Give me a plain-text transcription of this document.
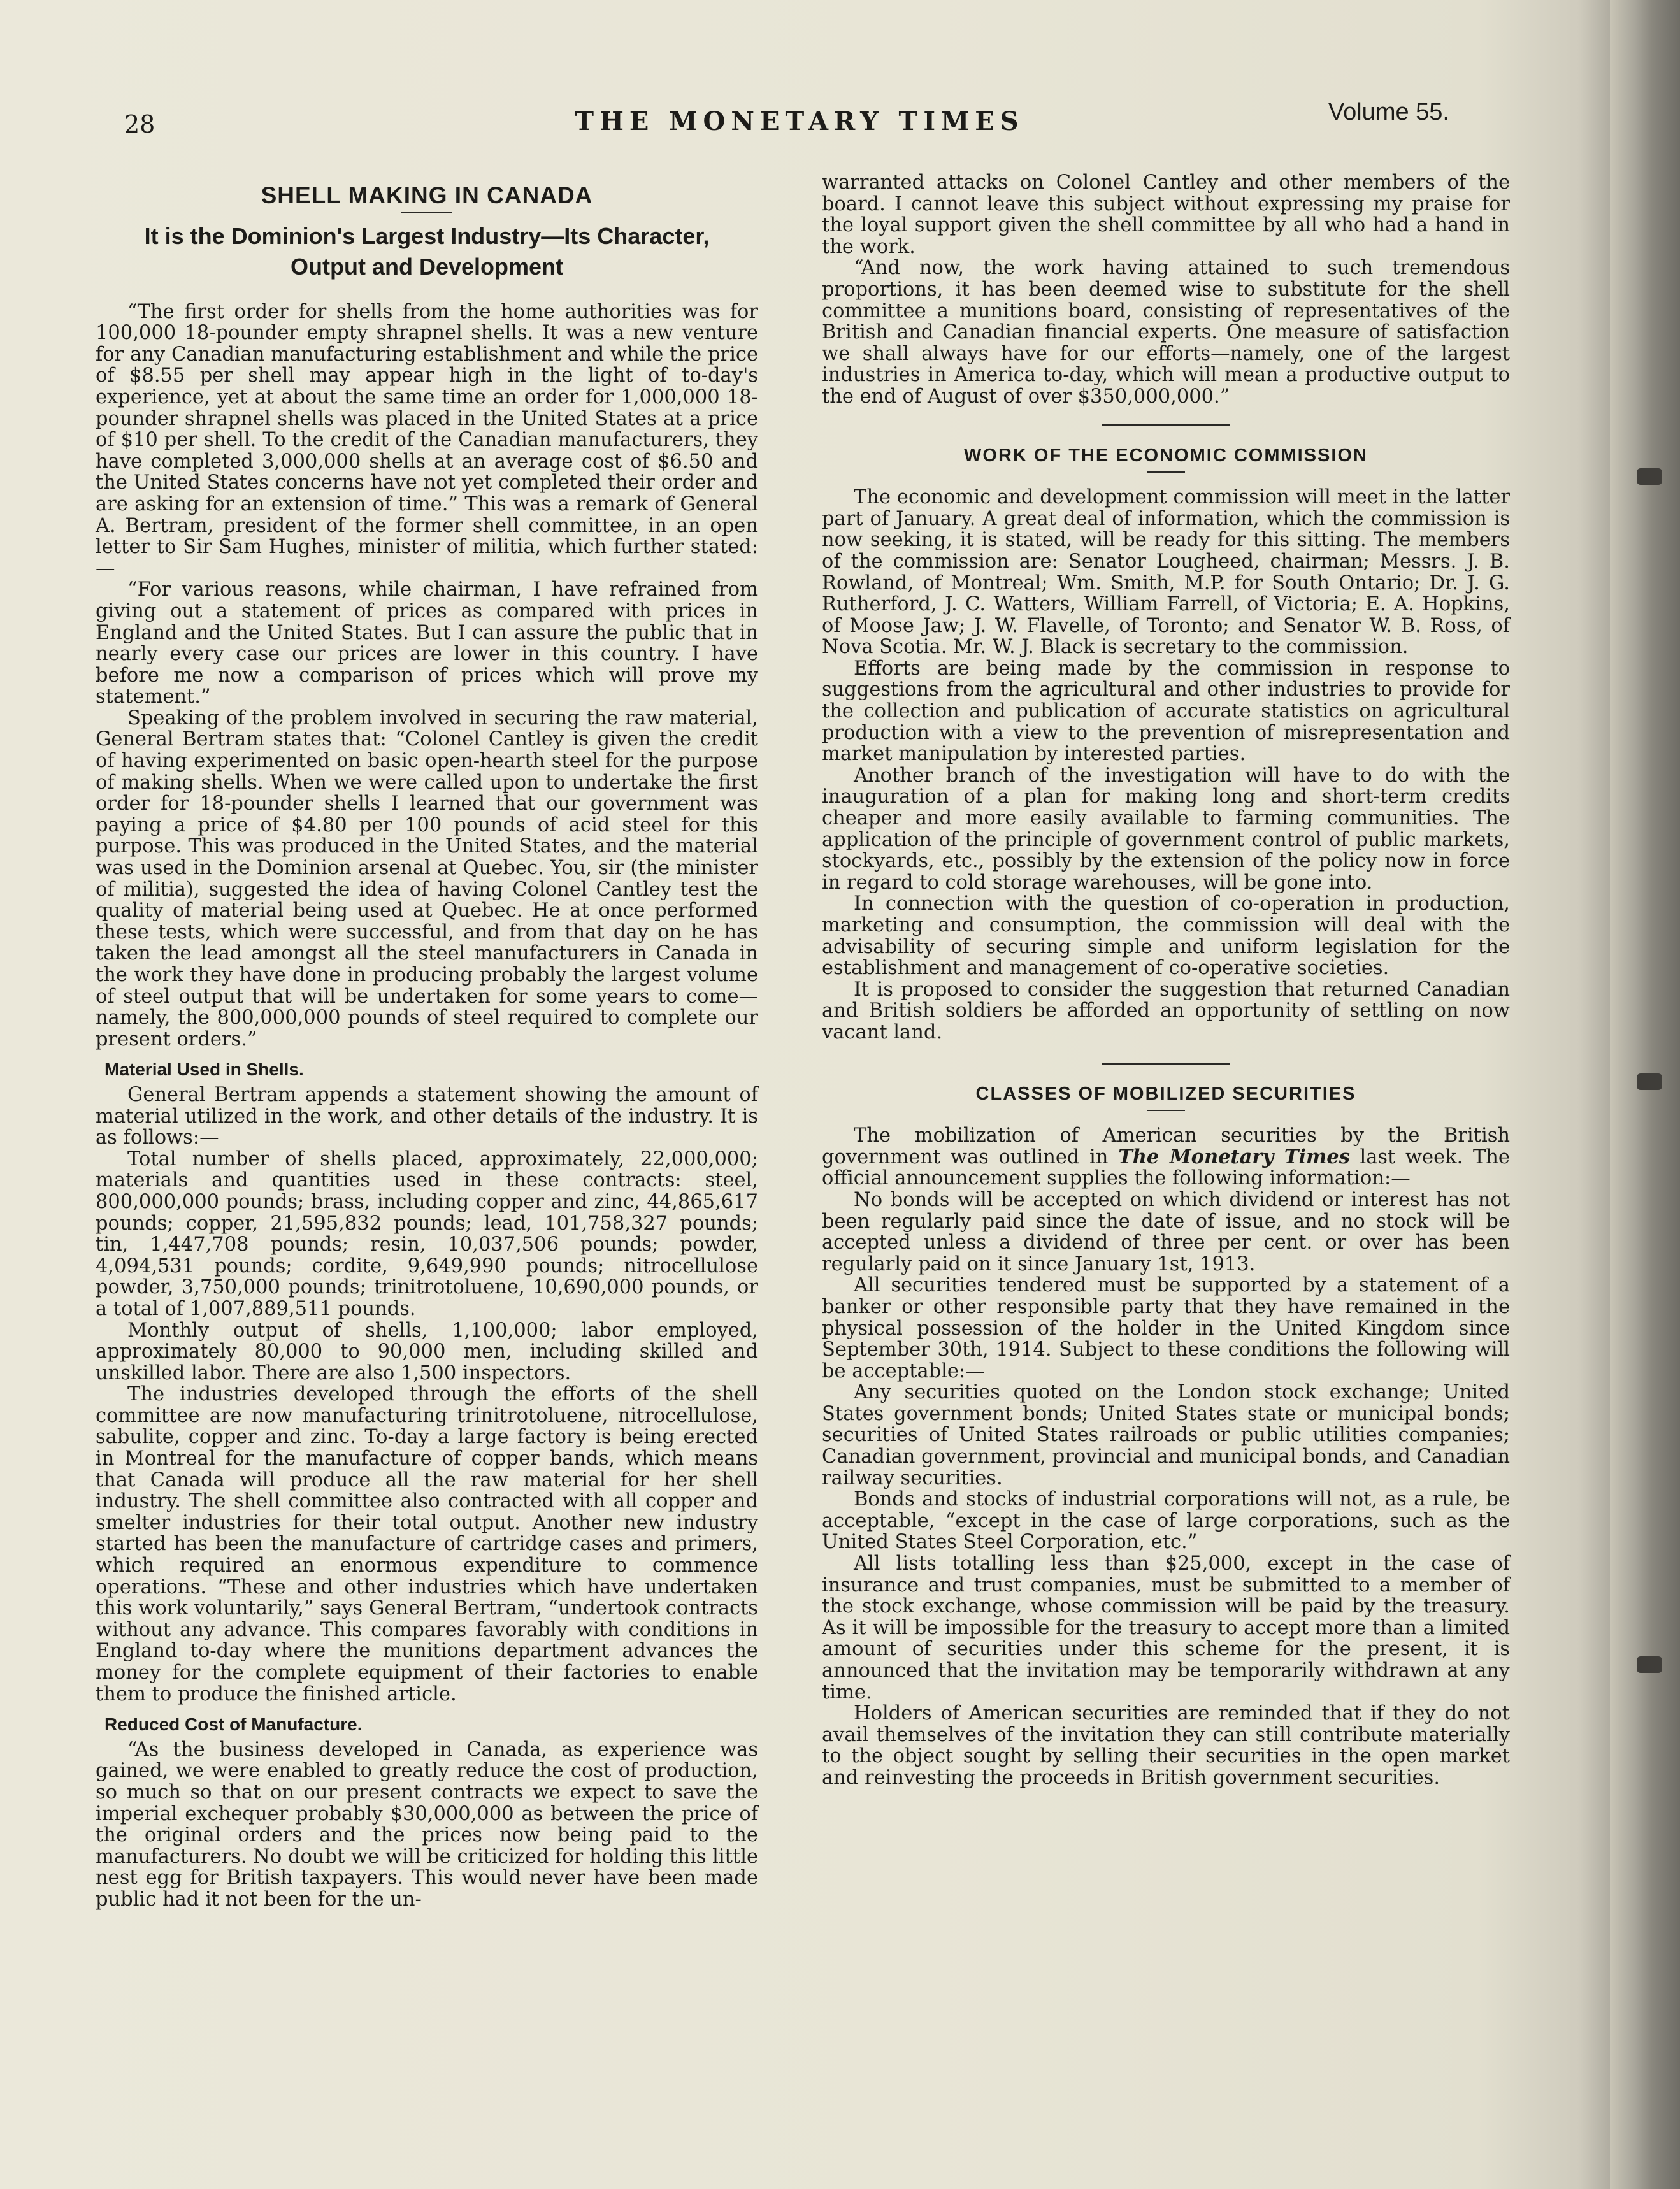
28	THE MONETARY TIMES	Volume 55.
SHELL MAKING IN CANADA
It is the Dominion's Largest Industry—Its Character, Output and Development

“The first order for shells from the home authorities was for 100,000 18-pounder empty shrapnel shells. It was a new venture for any Canadian manufacturing establishment and while the price of $8.55 per shell may appear high in the light of to-day's experience, yet at about the same time an order for 1,000,000 18-pounder shrapnel shells was placed in the United States at a price of $10 per shell. To the credit of the Canadian manufacturers, they have completed 3,000,000 shells at an average cost of $6.50 and the United States concerns have not yet completed their order and are asking for an extension of time.” This was a remark of General A. Bertram, president of the former shell committee, in an open letter to Sir Sam Hughes, minister of militia, which further stated:—

“For various reasons, while chairman, I have refrained from giving out a statement of prices as compared with prices in England and the United States. But I can assure the public that in nearly every case our prices are lower in this country. I have before me now a comparison of prices which will prove my statement.”

Speaking of the problem involved in securing the raw material, General Bertram states that: “Colonel Cantley is given the credit of having experimented on basic open-hearth steel for the purpose of making shells. When we were called upon to undertake the first order for 18-pounder shells I learned that our government was paying a price of $4.80 per 100 pounds of acid steel for this purpose. This was produced in the United States, and the material was used in the Dominion arsenal at Quebec. You, sir (the minister of militia), suggested the idea of having Colonel Cantley test the quality of material being used at Quebec. He at once performed these tests, which were successful, and from that day on he has taken the lead amongst all the steel manufacturers in Canada in the work they have done in producing probably the largest volume of steel output that will be undertaken for some years to come—namely, the 800,000,000 pounds of steel required to complete our present orders.”

Material Used in Shells.

General Bertram appends a statement showing the amount of material utilized in the work, and other details of the industry. It is as follows:—

Total number of shells placed, approximately, 22,000,000; materials and quantities used in these contracts: steel, 800,000,000 pounds; brass, including copper and zinc, 44,865,617 pounds; copper, 21,595,832 pounds; lead, 101,758,327 pounds; tin, 1,447,708 pounds; resin, 10,037,506 pounds; powder, 4,094,531 pounds; cordite, 9,649,990 pounds; nitrocellulose powder, 3,750,000 pounds; trinitrotoluene, 10,690,000 pounds, or a total of 1,007,889,511 pounds.

Monthly output of shells, 1,100,000; labor employed, approximately 80,000 to 90,000 men, including skilled and unskilled labor. There are also 1,500 inspectors.

The industries developed through the efforts of the shell committee are now manufacturing trinitrotoluene, nitrocellulose, sabulite, copper and zinc. To-day a large factory is being erected in Montreal for the manufacture of copper bands, which means that Canada will produce all the raw material for her shell industry. The shell committee also contracted with all copper and smelter industries for their total output. Another new industry started has been the manufacture of cartridge cases and primers, which required an enormous expenditure to commence operations. “These and other industries which have undertaken this work voluntarily,” says General Bertram, “undertook contracts without any advance. This compares favorably with conditions in England to-day where the munitions department advances the money for the complete equipment of their factories to enable them to produce the finished article.

Reduced Cost of Manufacture.

“As the business developed in Canada, as experience was gained, we were enabled to greatly reduce the cost of production, so much so that on our present contracts we expect to save the imperial exchequer probably $30,000,000 as between the price of the original orders and the prices now being paid to the manufacturers. No doubt we will be criticized for holding this little nest egg for British taxpayers. This would never have been made public had it not been for the un-

warranted attacks on Colonel Cantley and other members of the board. I cannot leave this subject without expressing my praise for the loyal support given the shell committee by all who had a hand in the work.

“And now, the work having attained to such tremendous proportions, it has been deemed wise to substitute for the shell committee a munitions board, consisting of representatives of the British and Canadian financial experts. One measure of satisfaction we shall always have for our efforts—namely, one of the largest industries in America to-day, which will mean a productive output to the end of August of over $350,000,000.”

WORK OF THE ECONOMIC COMMISSION

The economic and development commission will meet in the latter part of January. A great deal of information, which the commission is now seeking, it is stated, will be ready for this sitting. The members of the commission are: Senator Lougheed, chairman; Messrs. J. B. Rowland, of Montreal; Wm. Smith, M.P. for South Ontario; Dr. J. G. Rutherford, J. C. Watters, William Farrell, of Victoria; E. A. Hopkins, of Moose Jaw; J. W. Flavelle, of Toronto; and Senator W. B. Ross, of Nova Scotia. Mr. W. J. Black is secretary to the commission.

Efforts are being made by the commission in response to suggestions from the agricultural and other industries to provide for the collection and publication of accurate statistics on agricultural production with a view to the prevention of misrepresentation and market manipulation by interested parties.

Another branch of the investigation will have to do with the inauguration of a plan for making long and short-term credits cheaper and more easily available to farming communities. The application of the principle of government control of public markets, stockyards, etc., possibly by the extension of the policy now in force in regard to cold storage warehouses, will be gone into.

In connection with the question of co-operation in production, marketing and consumption, the commission will deal with the advisability of securing simple and uniform legislation for the establishment and management of co-operative societies.

It is proposed to consider the suggestion that returned Canadian and British soldiers be afforded an opportunity of settling on now vacant land.

CLASSES OF MOBILIZED SECURITIES

The mobilization of American securities by the British government was outlined in The Monetary Times last week. The official announcement supplies the following information:—

No bonds will be accepted on which dividend or interest has not been regularly paid since the date of issue, and no stock will be accepted unless a dividend of three per cent. or over has been regularly paid on it since January 1st, 1913.

All securities tendered must be supported by a statement of a banker or other responsible party that they have remained in the physical possession of the holder in the United Kingdom since September 30th, 1914. Subject to these conditions the following will be acceptable:—

Any securities quoted on the London stock exchange; United States government bonds; United States state or municipal bonds; securities of United States railroads or public utilities companies; Canadian government, provincial and municipal bonds, and Canadian railway securities.

Bonds and stocks of industrial corporations will not, as a rule, be acceptable, “except in the case of large corporations, such as the United States Steel Corporation, etc.”

All lists totalling less than $25,000, except in the case of insurance and trust companies, must be submitted to a member of the stock exchange, whose commission will be paid by the treasury. As it will be impossible for the treasury to accept more than a limited amount of securities under this scheme for the present, it is announced that the invitation may be temporarily withdrawn at any time.

Holders of American securities are reminded that if they do not avail themselves of the invitation they can still contribute materially to the object sought by selling their securities in the open market and reinvesting the proceeds in British government securities.
